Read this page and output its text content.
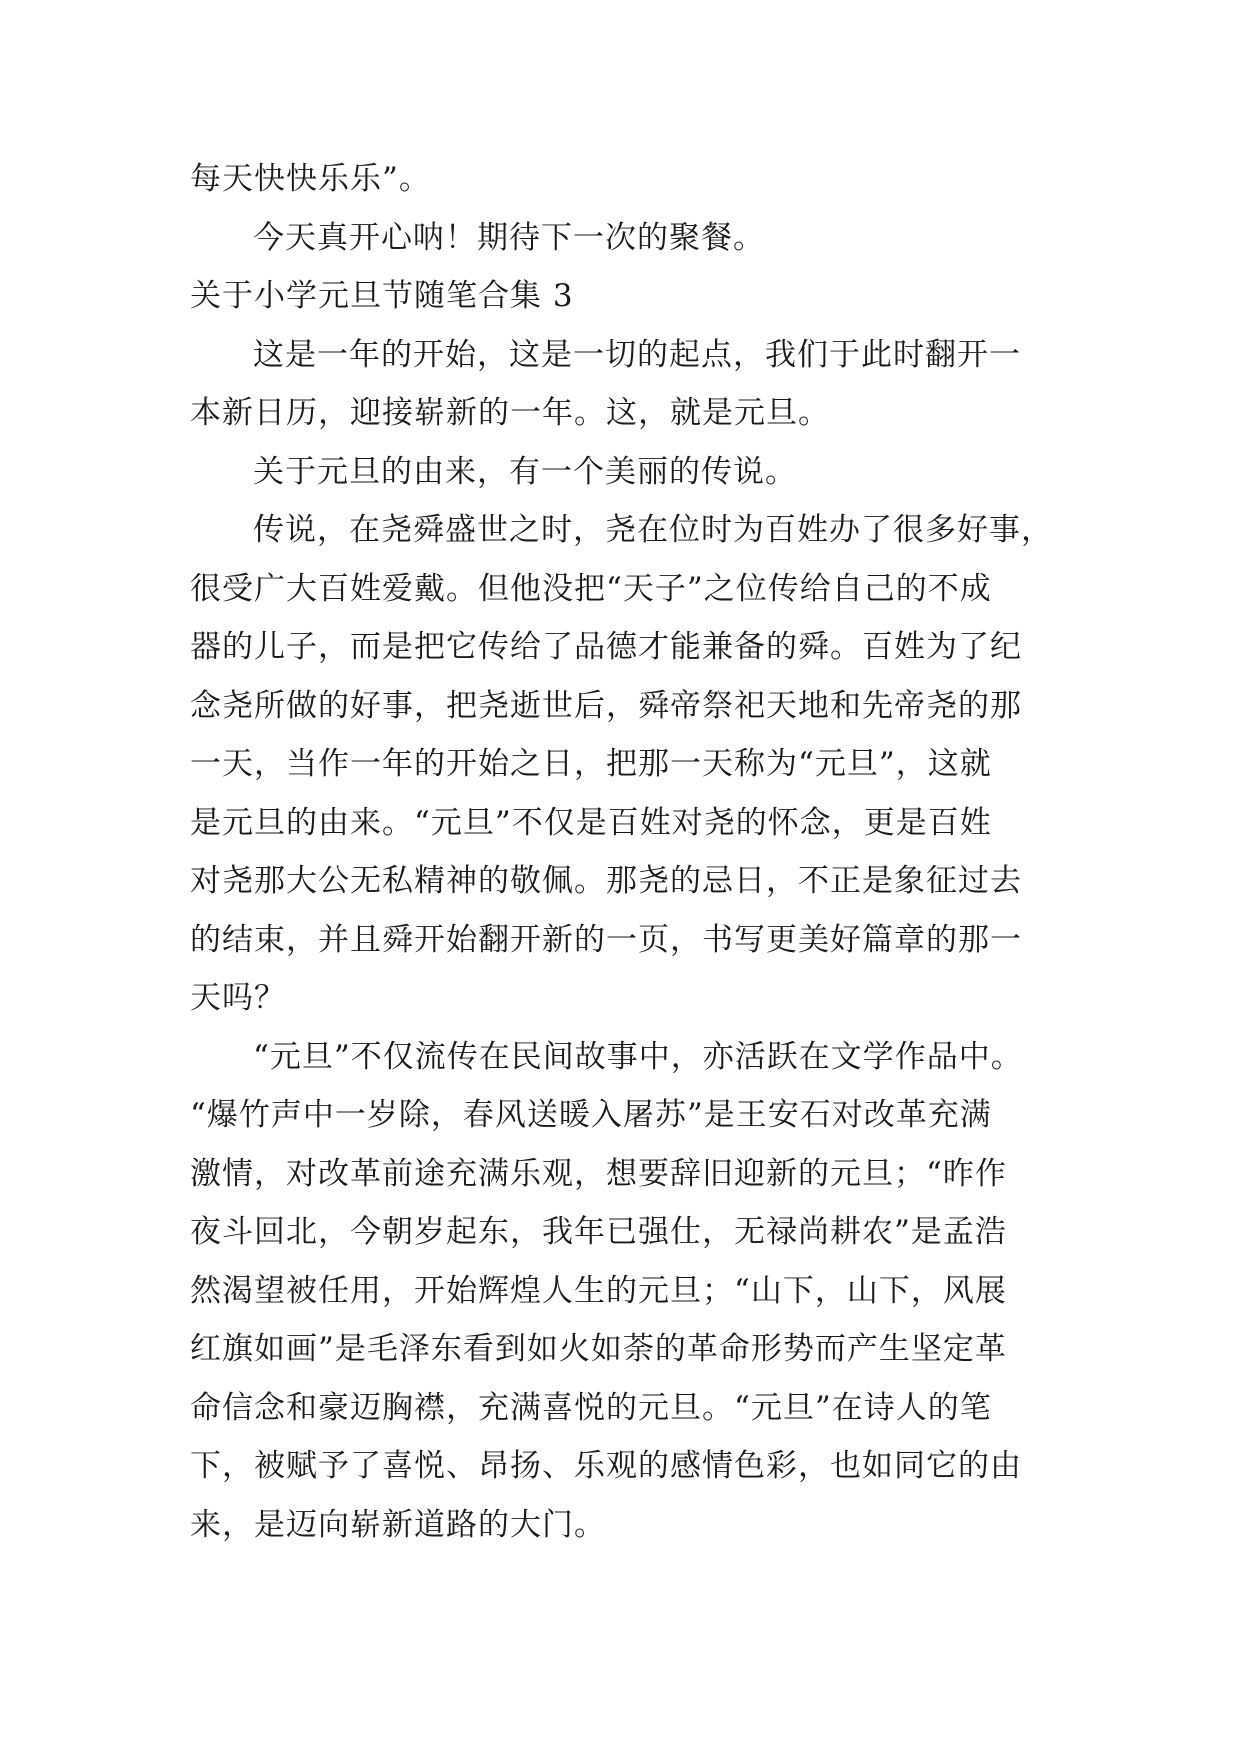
每天快快乐乐”。

今天真开心呐！期待下一次的聚餐。

关于小学元旦节随笔合集 3

这是一年的开始，这是一切的起点，我们于此时翻开一
本新日历，迎接崭新的一年。这，就是元旦。

关于元旦的由来，有一个美丽的传说。

传说，在尧舜盛世之时，尧在位时为百姓办了很多好事，
很受广大百姓爱戴。但他没把“天子”之位传给自己的不成
器的儿子，而是把它传给了品德才能兼备的舜。百姓为了纪
念尧所做的好事，把尧逝世后，舜帝祭祀天地和先帝尧的那
一天，当作一年的开始之日，把那一天称为“元旦”，这就
是元旦的由来。“元旦”不仅是百姓对尧的怀念，更是百姓
对尧那大公无私精神的敬佩。那尧的忌日，不正是象征过去
的结束，并且舜开始翻开新的一页，书写更美好篇章的那一
天吗？

“元旦”不仅流传在民间故事中，亦活跃在文学作品中。
“爆竹声中一岁除，春风送暖入屠苏”是王安石对改革充满
激情，对改革前途充满乐观，想要辞旧迎新的元旦；“昨作
夜斗回北，今朝岁起东，我年已强仕，无禄尚耕农”是孟浩
然渴望被任用，开始辉煌人生的元旦；“山下，山下，风展
红旗如画”是毛泽东看到如火如荼的革命形势而产生坚定革
命信念和豪迈胸襟，充满喜悦的元旦。“元旦”在诗人的笔
下，被赋予了喜悦、昂扬、乐观的感情色彩，也如同它的由
来，是迈向崭新道路的大门。
